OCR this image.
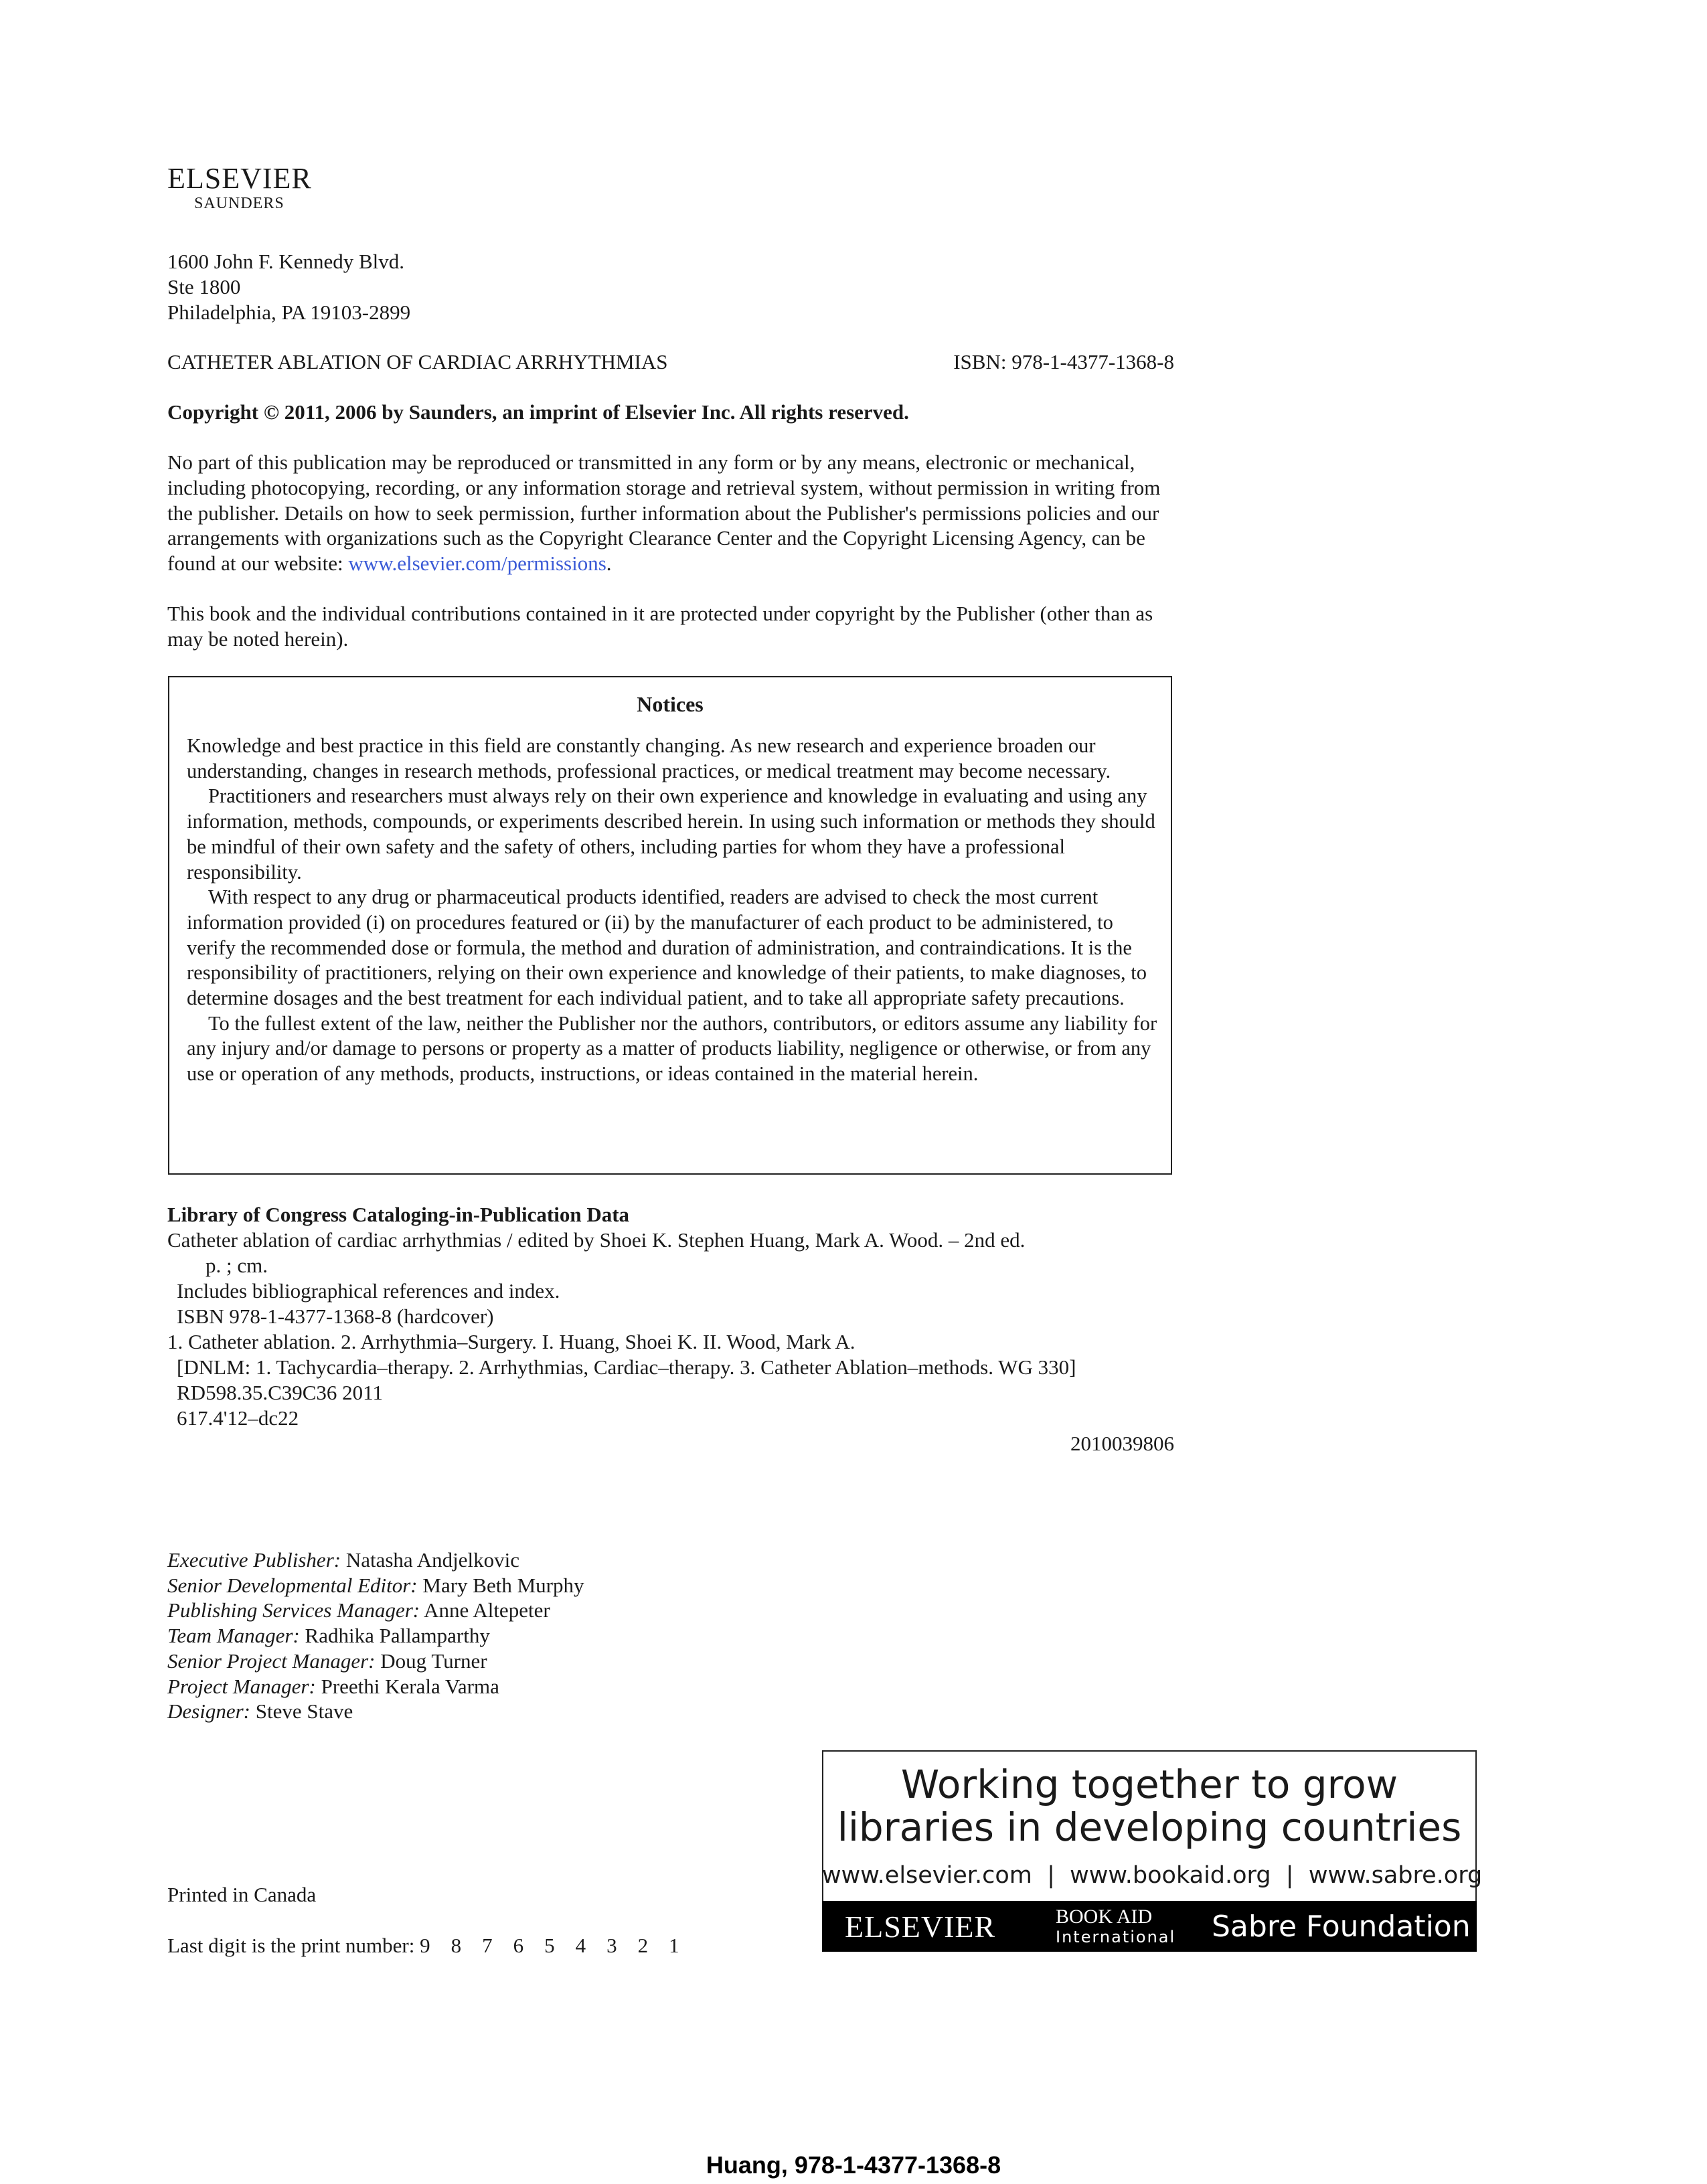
ELSEVIER
SAUNDERS
1600 John F. Kennedy Blvd.
Ste 1800
Philadelphia, PA 19103-2899
CATHETER ABLATION OF CARDIAC ARRHYTHMIAS	ISBN: 978-1-4377-1368-8
Copyright © 2011, 2006 by Saunders, an imprint of Elsevier Inc. All rights reserved.
No part of this publication may be reproduced or transmitted in any form or by any means, electronic or mechanical, including photocopying, recording, or any information storage and retrieval system, without permission in writing from the publisher. Details on how to seek permission, further information about the Publisher's permissions policies and our arrangements with organizations such as the Copyright Clearance Center and the Copyright Licensing Agency, can be found at our website: www.elsevier.com/permissions.
This book and the individual contributions contained in it are protected under copyright by the Publisher (other than as may be noted herein).
Notices

Knowledge and best practice in this field are constantly changing. As new research and experience broaden our understanding, changes in research methods, professional practices, or medical treatment may become necessary.

Practitioners and researchers must always rely on their own experience and knowledge in evaluating and using any information, methods, compounds, or experiments described herein. In using such information or methods they should be mindful of their own safety and the safety of others, including parties for whom they have a professional responsibility.

With respect to any drug or pharmaceutical products identified, readers are advised to check the most current information provided (i) on procedures featured or (ii) by the manufacturer of each product to be administered, to verify the recommended dose or formula, the method and duration of administration, and contraindications. It is the responsibility of practitioners, relying on their own experience and knowledge of their patients, to make diagnoses, to determine dosages and the best treatment for each individual patient, and to take all appropriate safety precautions.

To the fullest extent of the law, neither the Publisher nor the authors, contributors, or editors assume any liability for any injury and/or damage to persons or property as a matter of products liability, negligence or otherwise, or from any use or operation of any methods, products, instructions, or ideas contained in the material herein.

Library of Congress Cataloging-in-Publication Data
Catheter ablation of cardiac arrhythmias / edited by Shoei K. Stephen Huang, Mark A. Wood. – 2nd ed.
p. ; cm.
Includes bibliographical references and index.
ISBN 978-1-4377-1368-8 (hardcover)
1. Catheter ablation. 2. Arrhythmia–Surgery. I. Huang, Shoei K. II. Wood, Mark A.
[DNLM: 1. Tachycardia–therapy. 2. Arrhythmias, Cardiac–therapy. 3. Catheter Ablation–methods. WG 330]
RD598.35.C39C36 2011
617.4'12–dc22
2010039806
Executive Publisher: Natasha Andjelkovic
Senior Developmental Editor: Mary Beth Murphy
Publishing Services Manager: Anne Altepeter
Team Manager: Radhika Pallamparthy
Senior Project Manager: Doug Turner
Project Manager: Preethi Kerala Varma
Designer: Steve Stave
Printed in Canada
Last digit is the print number: 9    8    7    6    5    4    3    2    1
Working together to grow
libraries in developing countries
www.elsevier.com  |  www.bookaid.org  |  www.sabre.org
ELSEVIER	BOOK AID
International Sabre Foundation
Huang, 978-1-4377-1368-8
